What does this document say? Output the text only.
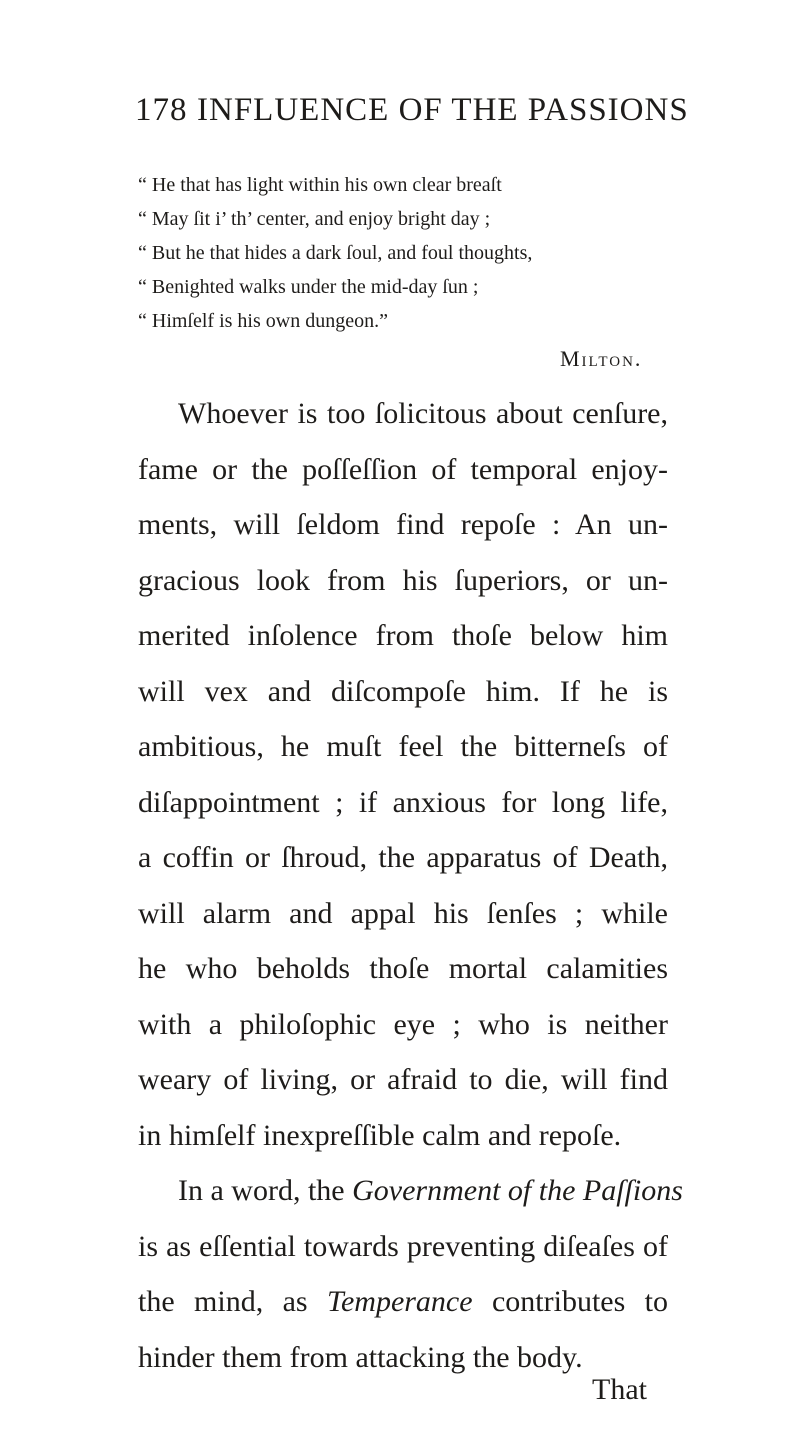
178 INFLUENCE OF THE PASSIONS
“ He that has light within his own clear breaſt
“ May ſit i’ th’ center, and enjoy bright day ;
“ But he that hides a dark ſoul, and foul thoughts,
“ Benighted walks under the mid-day ſun ;
“ Himſelf is his own dungeon.”
Milton.
Whoever is too ſolicitous about cenſure,
fame or the poſſeſſion of temporal enjoy-
ments, will ſeldom find repoſe : An un-
gracious look from his ſuperiors, or un-
merited inſolence from thoſe below him
will vex and diſcompoſe him. If he is
ambitious, he muſt feel the bitterneſs of
diſappointment ; if anxious for long life,
a coffin or ſhroud, the apparatus of Death,
will alarm and appal his ſenſes ; while
he who beholds thoſe mortal calamities
with a philoſophic eye ; who is neither
weary of living, or afraid to die, will find
in himſelf inexpreſſible calm and repoſe.
In a word, the Government of the Paſſions
is as eſſential towards preventing diſeaſes of
the mind, as Temperance contributes to
hinder them from attacking the body.
That
